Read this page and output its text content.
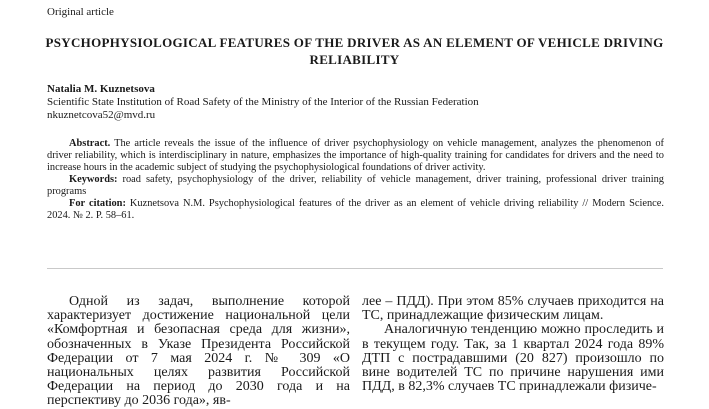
Original article
PSYCHOPHYSIOLOGICAL FEATURES OF THE DRIVER AS AN ELEMENT OF VEHICLE DRIVING RELIABILITY
Natalia M. Kuznetsova
Scientific State Institution of Road Safety of the Ministry of the Interior of the Russian Federation
nkuznetcova52@mvd.ru

Abstract. The article reveals the issue of the influence of driver psychophysiology on vehicle management, analyzes the phenomenon of driver reliability, which is interdisciplinary in nature, emphasizes the importance of high-quality training for candidates for drivers and the need to increase hours in the academic subject of studying the psychophysiological foundations of driver activity.

Keywords: road safety, psychophysiology of the driver, reliability of vehicle management, driver training, professional driver training programs

For citation: Kuznetsova N.M. Psychophysiological features of the driver as an element of vehicle driving reliability // Modern Science. 2024. № 2. P. 58–61.

Одной из задач, выполнение которой характеризует достижение национальной цели «Комфортная и безопасная среда для жизни», обозначенных в Указе Президента Российской Федерации от 7 мая 2024 г. № 309 «О национальных целях развития Российской Федерации на период до 2030 года и на перспективу до 2036 года», яв-

лее – ПДД). При этом 85% случаев приходится на ТС, принадлежащие физическим лицам.

Аналогичную тенденцию можно проследить и в текущем году. Так, за 1 квартал 2024 года 89% ДТП с пострадавшими (20 827) произошло по вине водителей ТС по причине нарушения ими ПДД, в 82,3% случаев ТС принадлежали физиче-
